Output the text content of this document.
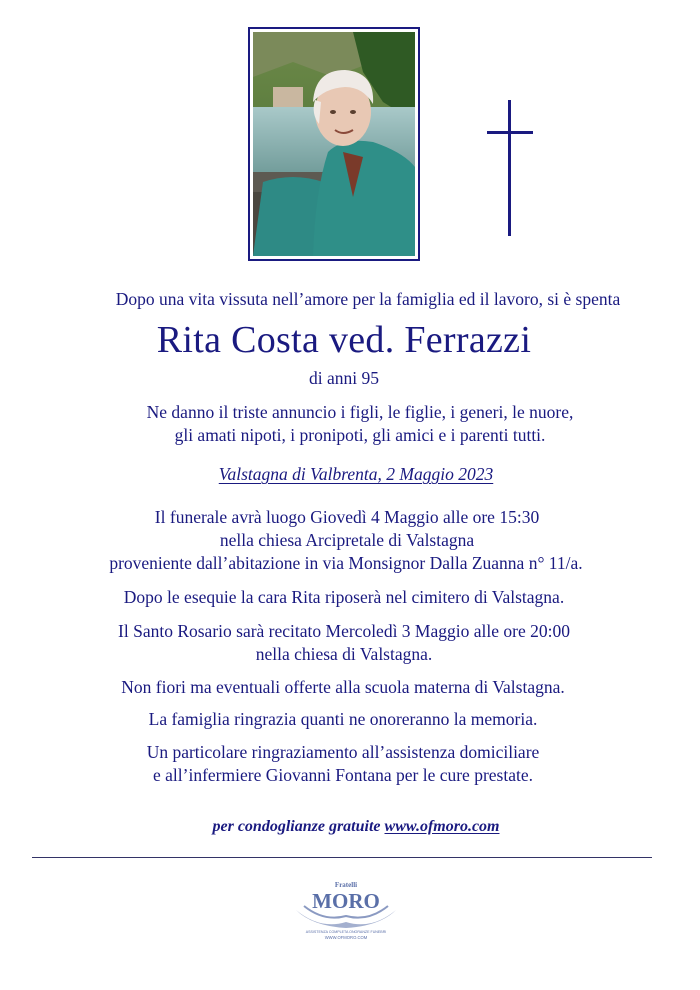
Dopo una vita vissuta nell’amore per la famiglia ed il lavoro, si è spenta
Rita Costa ved. Ferrazzi
di anni 95
Ne danno il triste annuncio i figli, le figlie, i generi, le nuore,
gli amati nipoti, i pronipoti, gli amici e i parenti tutti.
Valstagna di Valbrenta, 2 Maggio 2023
Il funerale avrà luogo Giovedì 4 Maggio alle ore 15:30
nella chiesa Arcipretale di Valstagna
proveniente dall’abitazione in via Monsignor Dalla Zuanna n° 11/a.
Dopo le esequie la cara Rita riposerà nel cimitero di Valstagna.
Il Santo Rosario sarà recitato Mercoledì 3 Maggio alle ore 20:00
nella chiesa di Valstagna.
Non fiori ma eventuali offerte alla scuola materna di Valstagna.
La famiglia ringrazia quanti ne onoreranno la memoria.
Un particolare ringraziamento all’assistenza domiciliare
e all’infermiere Giovanni Fontana per le cure prestate.
per condoglianze gratuite www.ofmoro.com
Fratelli
MORO
ASSISTENZA COMPLETA ONORANZE FUNEBRI
WWW.OFMORO.COM
